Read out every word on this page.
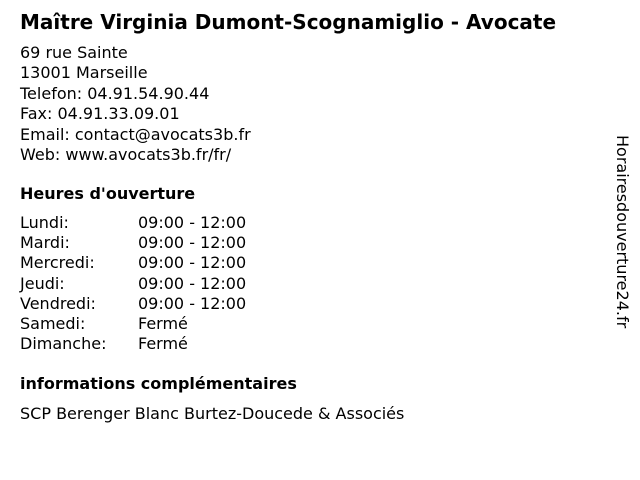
Maître Virginia Dumont-Scognamiglio - Avocate
69 rue Sainte
13001 Marseille
Telefon: 04.91.54.90.44
Fax: 04.91.33.09.01
Email: contact@avocats3b.fr
Web: www.avocats3b.fr/fr/
Heures d'ouverture
Lundi:	09:00 - 12:00
Mardi:	09:00 - 12:00
Mercredi:	09:00 - 12:00
Jeudi:	09:00 - 12:00
Vendredi:	09:00 - 12:00
Samedi:	Fermé
Dimanche: Fermé
informations complémentaires
SCP Berenger Blanc Burtez-Doucede & Associés
Horairesdouverture24.fr
